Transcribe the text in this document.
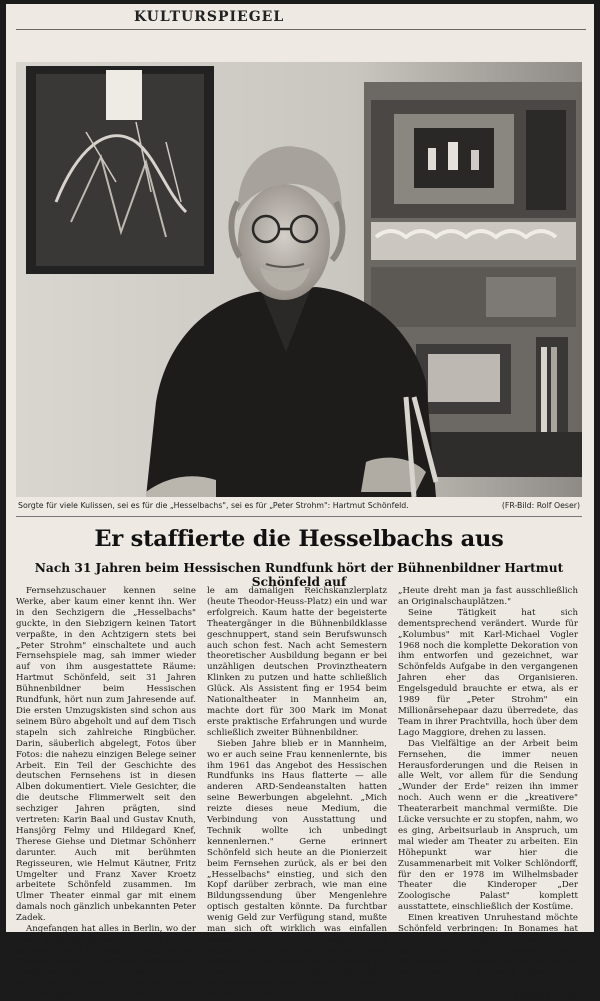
KULTURSPIEGEL
Sorgte für viele Kulissen, sei es für die „Hesselbachs", sei es für „Peter Strohm": Hartmut Schönfeld.	(FR-Bild: Rolf Oeser)
Er staffierte die Hesselbachs aus
Nach 31 Jahren beim Hessischen Rundfunk hört der Bühnenbildner Hartmut Schönfeld auf

Fernsehzuschauer kennen seine Werke, aber kaum einer kennt ihn. Wer in den Sechzigern die „Hesselbachs" guckte, in den Siebzigern keinen Tatort verpaßte, in den Achtzigern stets bei „Peter Strohm" einschaltete und auch Fernsehspiele mag, sah immer wieder auf von ihm ausgestattete Räume: Hartmut Schönfeld, seit 31 Jahren Bühnenbildner beim Hessischen Rundfunk, hört nun zum Jahresende auf. Die ersten Umzugskisten sind schon aus seinem Büro abgeholt und auf dem Tisch stapeln sich zahlreiche Ringbücher. Darin, säuberlich abgelegt, Fotos über Fotos: die nahezu einzigen Belege seiner Arbeit. Ein Teil der Geschichte des deutschen Fernsehens ist in diesen Alben dokumentiert. Viele Gesichter, die die deutsche Flimmerwelt seit den sechziger Jahren prägten, sind vertreten: Karin Baal und Gustav Knuth, Hansjörg Felmy und Hildegard Knef, Therese Giehse und Dietmar Schönherr darunter. Auch mit berühmten Regisseuren, wie Helmut Käutner, Fritz Umgelter und Franz Xaver Kroetz arbeitete Schönfeld zusammen. Im Ulmer Theater einmal gar mit einem damals noch gänzlich unbekannten Peter Zadek.

Angefangen hat alles in Berlin, wo der heute 61jährige geboren ist. Weil ihn die anspruchsvolle Dahlemer Schule, an der Zwanzigjährige Gartenbauarchitektur studieren wollte, nicht aufnahm, reichte er auf den Rat einer Freundin hin einige Zeichnungen bei der Meisterschu-

le am damaligen Reichskanzlerplatz (heute Theodor-Heuss-Platz) ein und war erfolgreich. Kaum hatte der begeisterte Theatergänger in die Bühnenbildklasse geschnuppert, stand sein Berufswunsch auch schon fest. Nach acht Semestern theoretischer Ausbildung begann er bei unzähligen deutschen Provinztheatern Klinken zu putzen und hatte schließlich Glück. Als Assistent fing er 1954 beim Nationaltheater in Mannheim an, machte dort für 300 Mark im Monat erste praktische Erfahrungen und wurde schließlich zweiter Bühnenbildner.

Sieben Jahre blieb er in Mannheim, wo er auch seine Frau kennenlernte, bis ihm 1961 das Angebot des Hessischen Rundfunks ins Haus flatterte — alle anderen ARD-Sendeanstalten hatten seine Bewerbungen abgelehnt. „Mich reizte dieses neue Medium, die Verbindung von Ausstattung und Technik wollte ich unbedingt kennenlernen." Gerne erinnert Schönfeld sich heute an die Pionierzeit beim Fernsehen zurück, als er bei den „Hesselbachs" einstieg, und sich den Kopf darüber zerbrach, wie man eine Bildungssendung über Mengenlehre optisch gestalten könnte. Da furchtbar wenig Geld zur Verfügung stand, mußte man sich oft wirklich was einfallen lassen." Die „fetten Jahre" begannen erst Anfang der Siebziger. Schmunzelnd erinnert er sich daran, wie er damals für einen Tatort noch die vollständige Empfangshalle einer Bank im Studio nachbauen durfte.

„Heute dreht man ja fast ausschließlich an Originalschauplätzen."

Seine Tätigkeit hat sich dementsprechend verändert. Wurde für „Kolumbus" mit Karl-Michael Vogler 1968 noch die komplette Dekoration von ihm entworfen und gezeichnet, war Schönfelds Aufgabe in den vergangenen Jahren eher das Organisieren. Engelsgeduld brauchte er etwa, als er 1989 für „Peter Strohm" ein Millionärsehepaar dazu überredete, das Team in ihrer Prachtvilla, hoch über dem Lago Maggiore, drehen zu lassen.

Das Vielfältige an der Arbeit beim Fernsehen, die immer neuen Herausforderungen und die Reisen in alle Welt, vor allem für die Sendung „Wunder der Erde" reizen ihn immer noch. Auch wenn er die „kreativere" Theaterarbeit manchmal vermißte. Die Lücke versuchte er zu stopfen, nahm, wo es ging, Arbeitsurlaub in Anspruch, um mal wieder am Theater zu arbeiten. Ein Höhepunkt war hier die Zusammenarbeit mit Volker Schlöndorff, für den er 1978 im Wilhelmsbader Theater die Kinderoper „Der Zoologische Palast" komplett ausstattete, einschließlich der Kostüme.

Einen kreativen Unruhestand möchte Schönfeld verbringen: In Bonames hat er ein Atelier eingerichtet, wo er sich ganz dem Malen widmen will. Interessante Angebote will er hie und da annehmen: „Ich bin nach allen Seiten offen."

FRAUKE HASS
